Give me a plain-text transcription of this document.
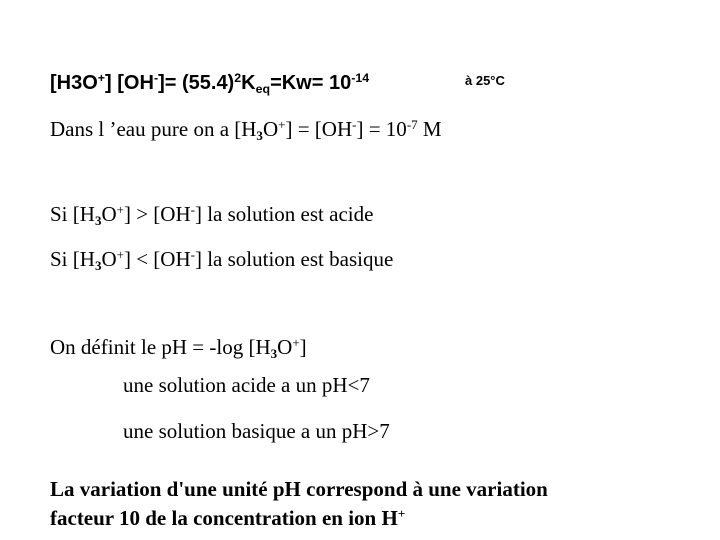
[H3O+] $[OH^-]= (55.4)^2K_{eq}=Kw= 10^{-14}$	à 25°C
Dans l ’eau pure on a $[H_3O^+] = [OH^-] = 10^{-7}$ M
Si $[H_3O^+] > [OH^-]$ la solution est acide
Si $[H_3O^+] < [OH^-]$ la solution est basique
On définit le pH = -log $[H_3O^+]$
une solution acide a un pH<7
une solution basique a un pH>7
La variation d'une unité pH correspond à une variation
facteur 10 de la concentration en ion H+
